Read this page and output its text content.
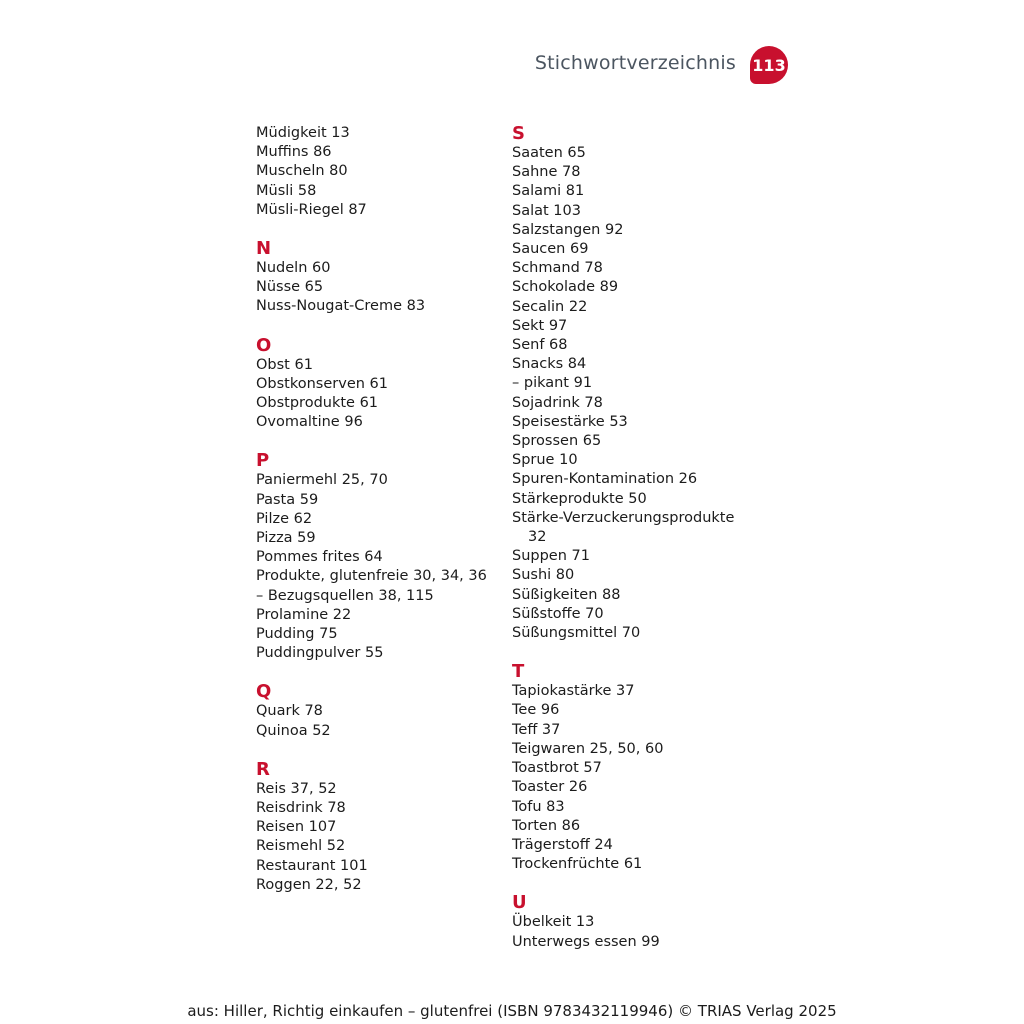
Stichwortverzeichnis 113
Müdigkeit 13
Muffins 86
Muscheln 80
Müsli 58
Müsli-Riegel 87
N
Nudeln 60
Nüsse 65
Nuss-Nougat-Creme 83
O
Obst 61
Obstkonserven 61
Obstprodukte 61
Ovomaltine 96
P
Paniermehl 25, 70
Pasta 59
Pilze 62
Pizza 59
Pommes frites 64
Produkte, glutenfreie 30, 34, 36
– Bezugsquellen 38, 115
Prolamine 22
Pudding 75
Puddingpulver 55
Q
Quark 78
Quinoa 52
R
Reis 37, 52
Reisdrink 78
Reisen 107
Reismehl 52
Restaurant 101
Roggen 22, 52
S
Saaten 65
Sahne 78
Salami 81
Salat 103
Salzstangen 92
Saucen 69
Schmand 78
Schokolade 89
Secalin 22
Sekt 97
Senf 68
Snacks 84
– pikant 91
Sojadrink 78
Speisestärke 53
Sprossen 65
Sprue 10
Spuren-Kontamination 26
Stärkeprodukte 50
Stärke-Verzuckerungsprodukte
32
Suppen 71
Sushi 80
Süßigkeiten 88
Süßstoffe 70
Süßungsmittel 70
T
Tapiokastärke 37
Tee 96
Teff 37
Teigwaren 25, 50, 60
Toastbrot 57
Toaster 26
Tofu 83
Torten 86
Trägerstoff 24
Trockenfrüchte 61
U
Übelkeit 13
Unterwegs essen 99
aus: Hiller, Richtig einkaufen – glutenfrei (ISBN 9783432119946) © TRIAS Verlag 2025
